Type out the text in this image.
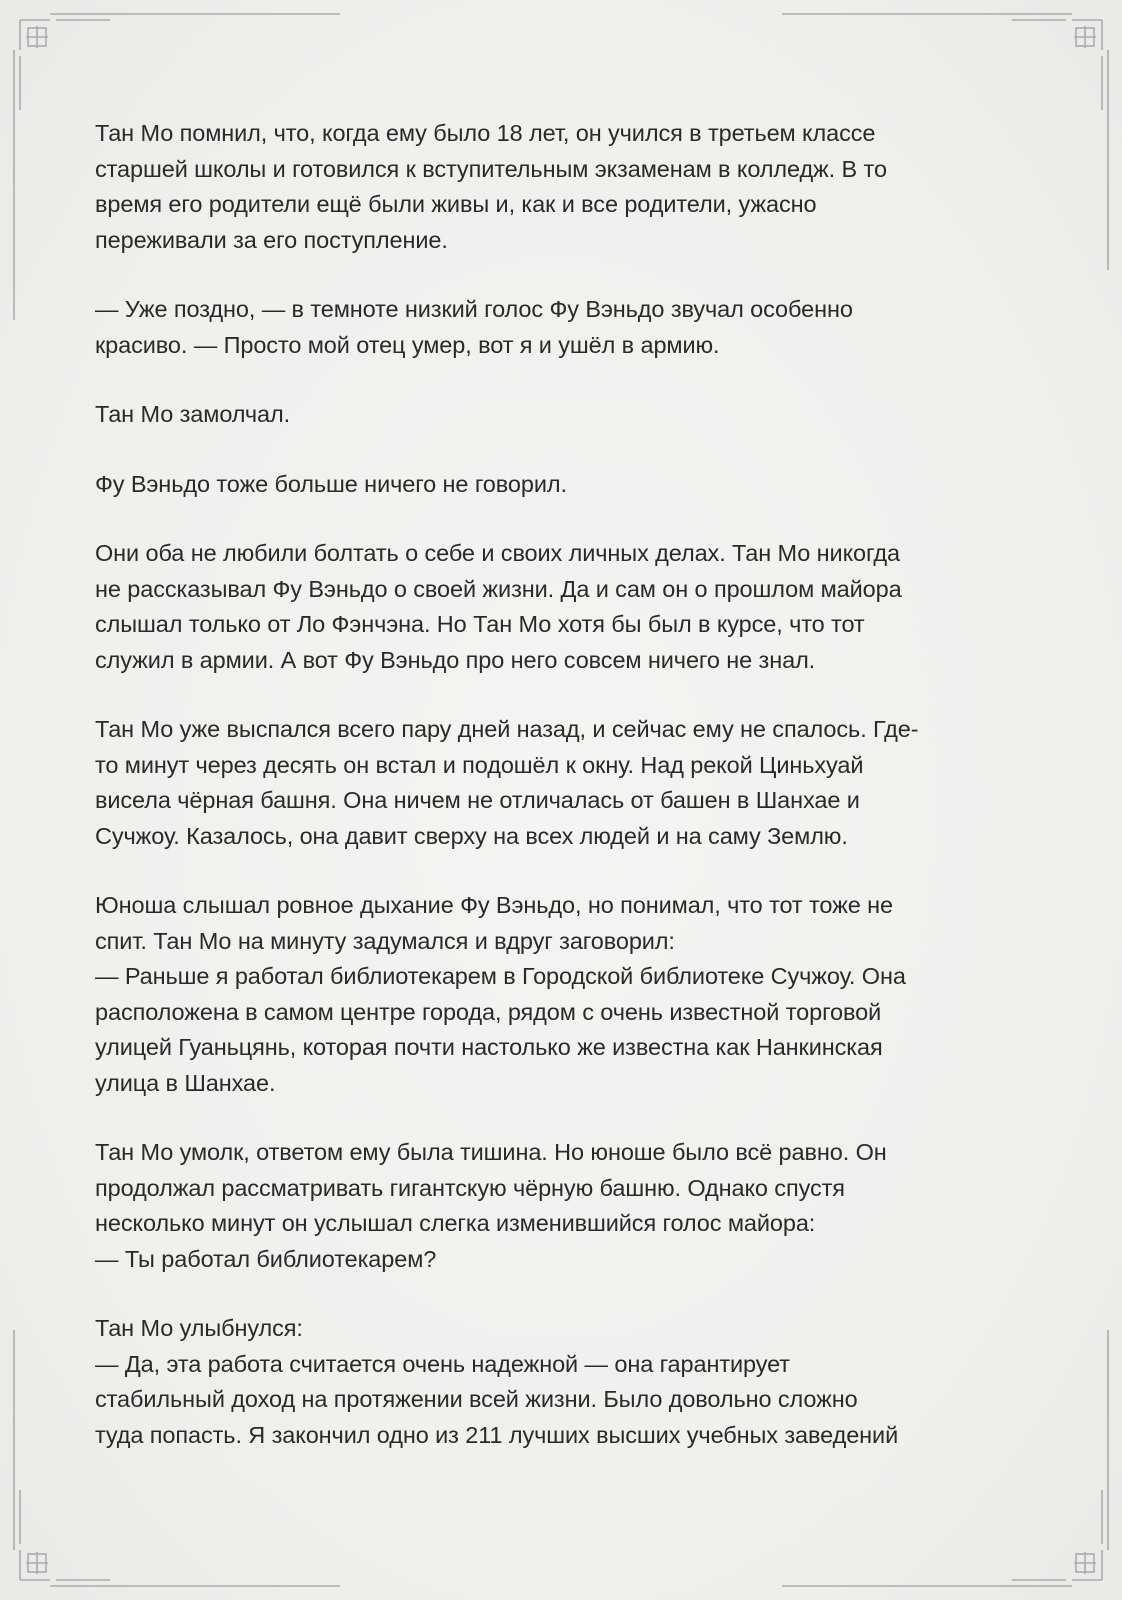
Тан Мо помнил, что, когда ему было 18 лет, он учился в третьем классе
старшей школы и готовился к вступительным экзаменам в колледж. В то
время его родители ещё были живы и, как и все родители, ужасно
переживали за его поступление.

— Уже поздно, — в темноте низкий голос Фу Вэньдо звучал особенно
красиво. — Просто мой отец умер, вот я и ушёл в армию.

Тан Мо замолчал.

Фу Вэньдо тоже больше ничего не говорил.

Они оба не любили болтать о себе и своих личных делах. Тан Мо никогда
не рассказывал Фу Вэньдо о своей жизни. Да и сам он о прошлом майора
слышал только от Ло Фэнчэна. Но Тан Мо хотя бы был в курсе, что тот
служил в армии. А вот Фу Вэньдо про него совсем ничего не знал.

Тан Мо уже выспался всего пару дней назад, и сейчас ему не спалось. Где-
то минут через десять он встал и подошёл к окну. Над рекой Циньхуай
висела чёрная башня. Она ничем не отличалась от башен в Шанхае и
Сучжоу. Казалось, она давит сверху на всех людей и на саму Землю.

Юноша слышал ровное дыхание Фу Вэньдо, но понимал, что тот тоже не
спит. Тан Мо на минуту задумался и вдруг заговорил:
— Раньше я работал библиотекарем в Городской библиотеке Сучжоу. Она
расположена в самом центре города, рядом с очень известной торговой
улицей Гуаньцянь, которая почти настолько же известна как Нанкинская
улица в Шанхае.

Тан Мо умолк, ответом ему была тишина. Но юноше было всё равно. Он
продолжал рассматривать гигантскую чёрную башню. Однако спустя
несколько минут он услышал слегка изменившийся голос майора:
— Ты работал библиотекарем?

Тан Мо улыбнулся:
— Да, эта работа считается очень надежной — она гарантирует
стабильный доход на протяжении всей жизни. Было довольно сложно
туда попасть. Я закончил одно из 211 лучших высших учебных заведений
